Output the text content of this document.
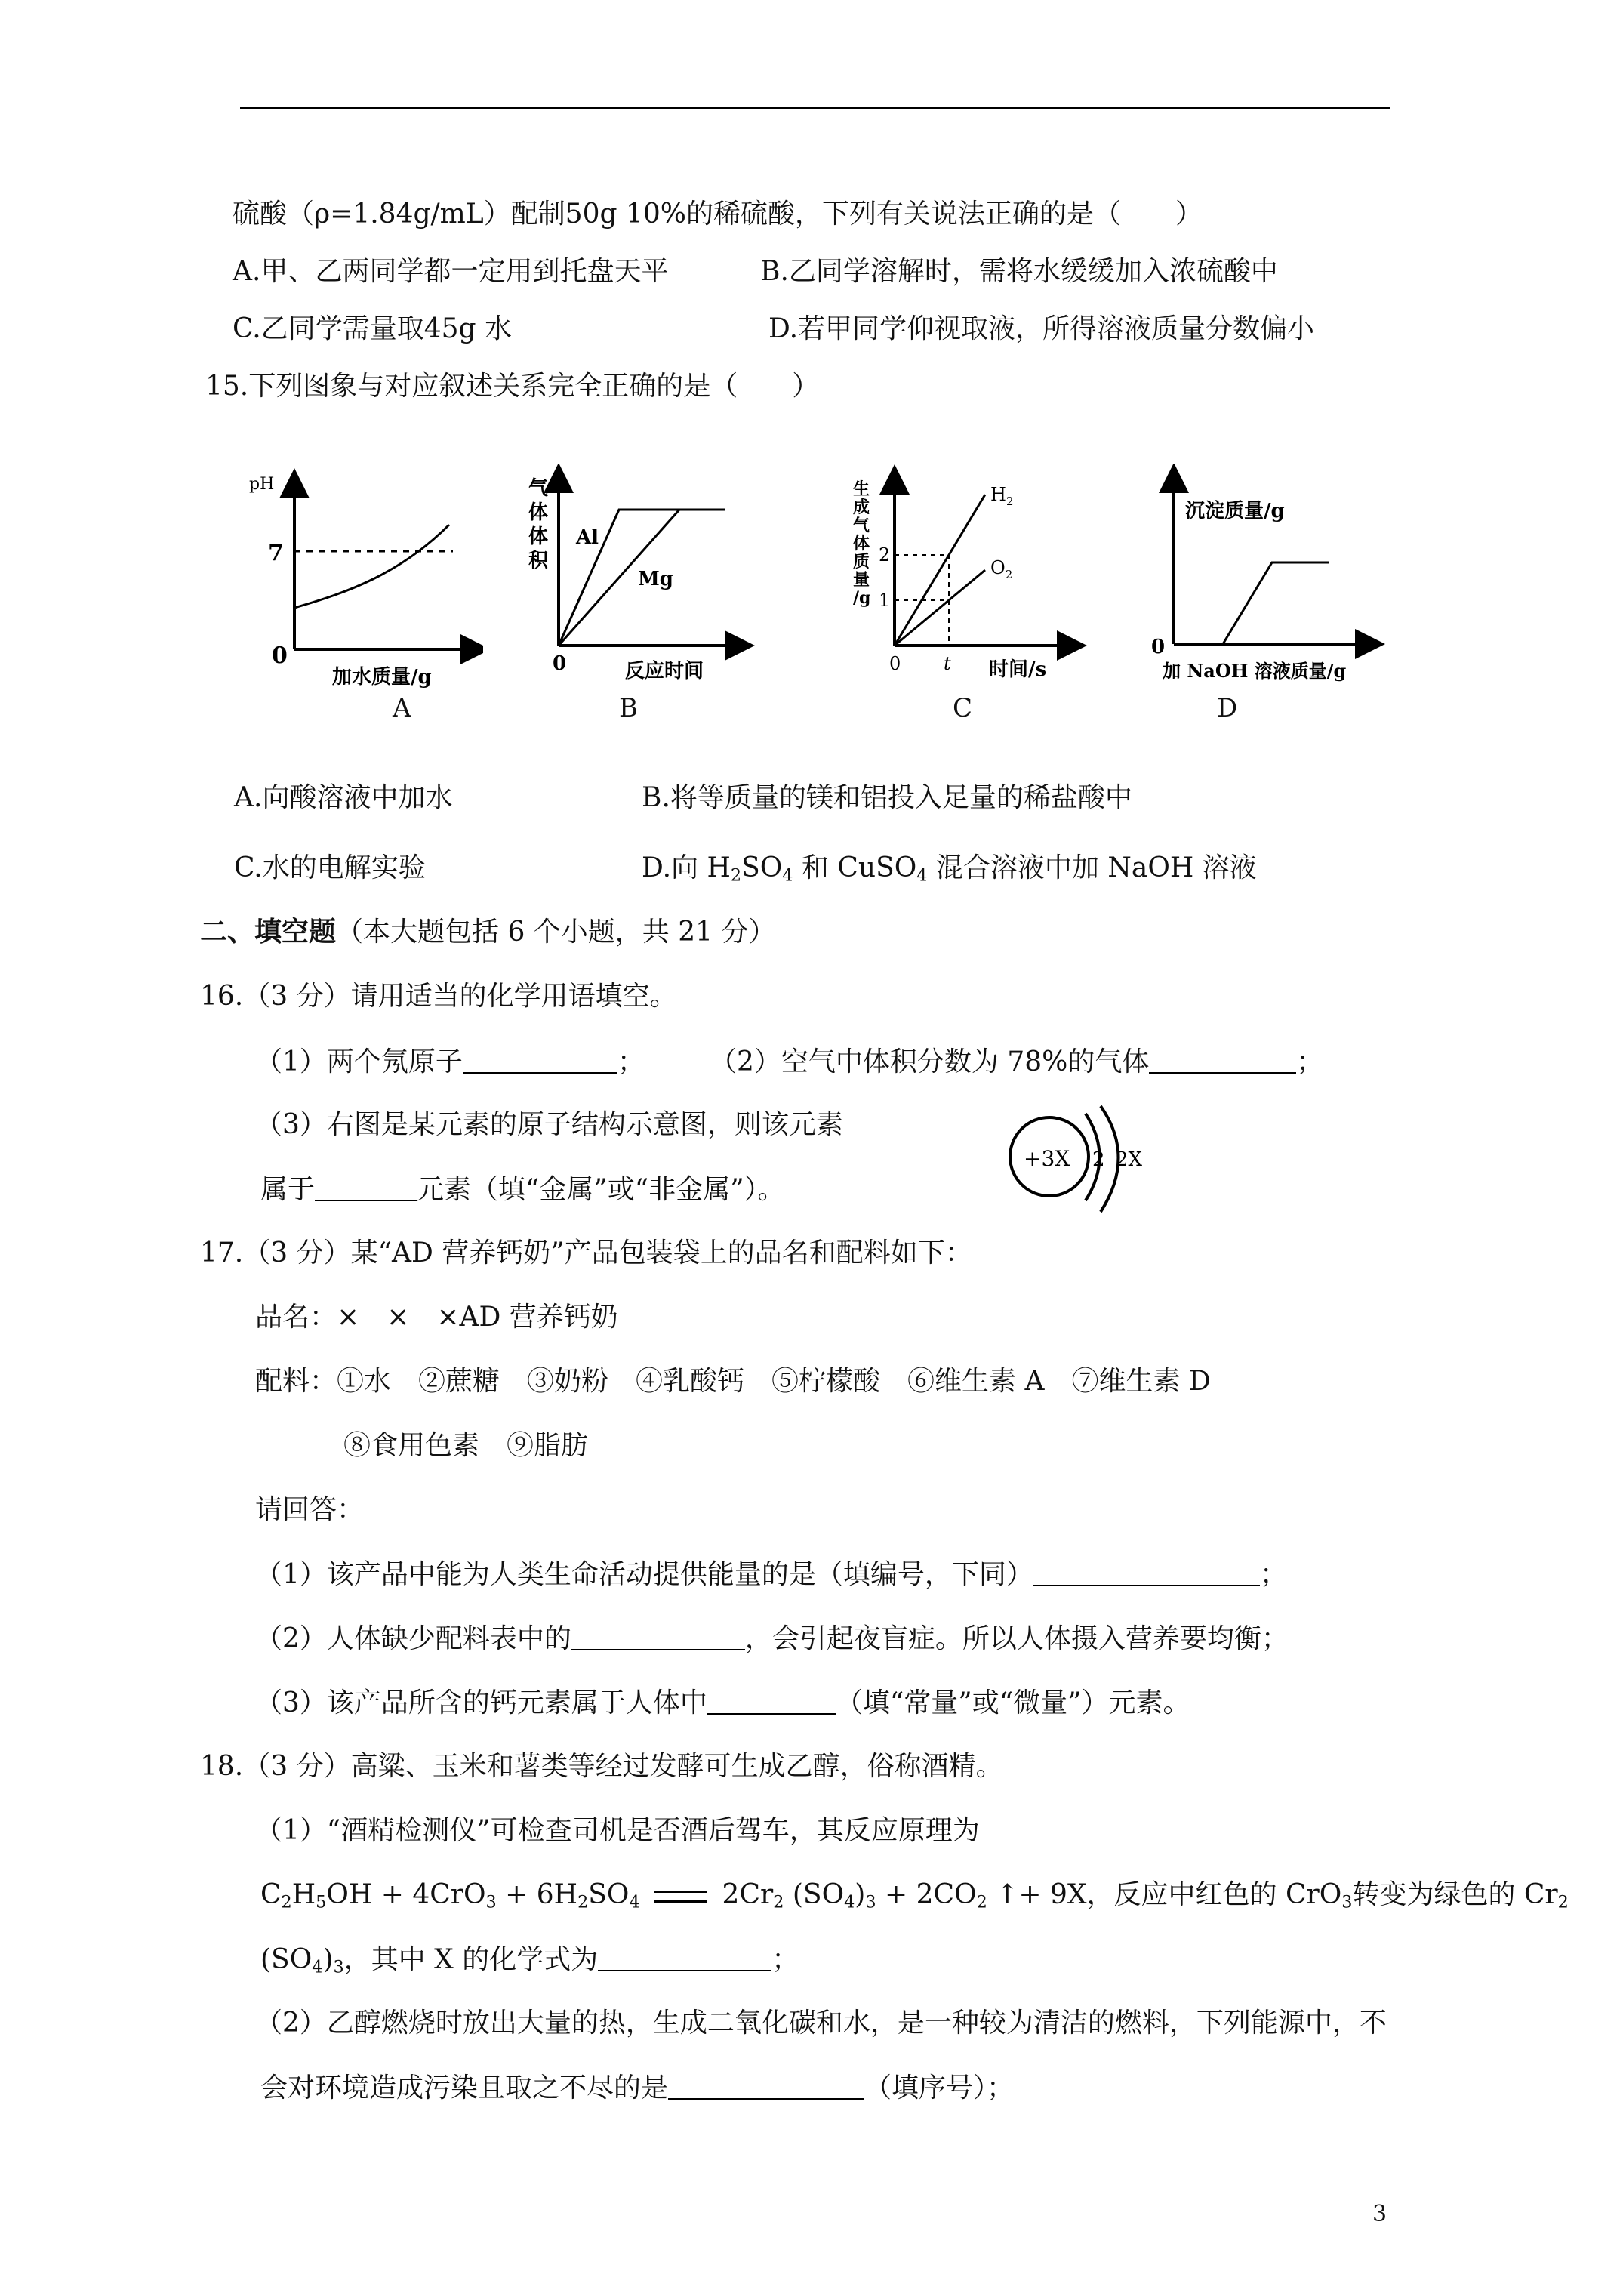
硫酸（ρ=1.84g/mL）配制50g 10%的稀硫酸，下列有关说法正确的是（　　）
A.甲、乙两同学都一定用到托盘天平	B.乙同学溶解时，需将水缓缓加入浓硫酸中
C.乙同学需量取45g 水	D.若甲同学仰视取液，所得溶液质量分数偏小
15.下列图象与对应叙述关系完全正确的是（　　）
pH
7
0
加水质量/g
A
气
体
体
积
Al
Mg
0	反应时间
B
生
成
气
体
质
量
/g
2
1
$H_2$
$O_2$
0 t 时间/s
C
沉淀质量/g
0
加 NaOH 溶液质量/g
D
A.向酸溶液中加水	B.将等质量的镁和铝投入足量的稀盐酸中
C.水的电解实验	D.向 $H_2SO_4$ 和 CuSO$_4$ 混合溶液中加 NaOH 溶液
二、填空题（本大题包括 6 个小题，共 21 分）
16.（3 分）请用适当的化学用语填空。
（1）两个氖原子	； （2）空气中体积分数为 78%的气体	；
（3）右图是某元素的原子结构示意图，则该元素
属于	元素（填“金属”或“非金属”）。
+3X 2 2X
17.（3 分）某“AD 营养钙奶”产品包装袋上的品名和配料如下：
品名：×　×　×AD 营养钙奶
配料：①水　②蔗糖　③奶粉　④乳酸钙　⑤柠檬酸　⑥维生素 A　⑦维生素 D
⑧食用色素　⑨脂肪
请回答：
（1）该产品中能为人类生命活动提供能量的是（填编号，下同）	；
（2）人体缺少配料表中的	，会引起夜盲症。所以人体摄入营养要均衡；
（3）该产品所含的钙元素属于人体中	（填“常量”或“微量”）元素。
18.（3 分）高粱、玉米和薯类等经过发酵可生成乙醇，俗称酒精。
（1）“酒精检测仪”可检查司机是否酒后驾车，其反应原理为
$C_2H_5OH + 4CrO_3 + 6H_2SO_4$	$2Cr_2$ $(SO_4)_3 + 2CO_2$ ↑+ 9X，反应中红色的 CrO$_3$转变为绿色的 Cr2
$(SO_4)_3$，其中 X 的化学式为	；
（2）乙醇燃烧时放出大量的热，生成二氧化碳和水，是一种较为清洁的燃料，下列能源中，不
会对环境造成污染且取之不尽的是	（填序号）；
3
